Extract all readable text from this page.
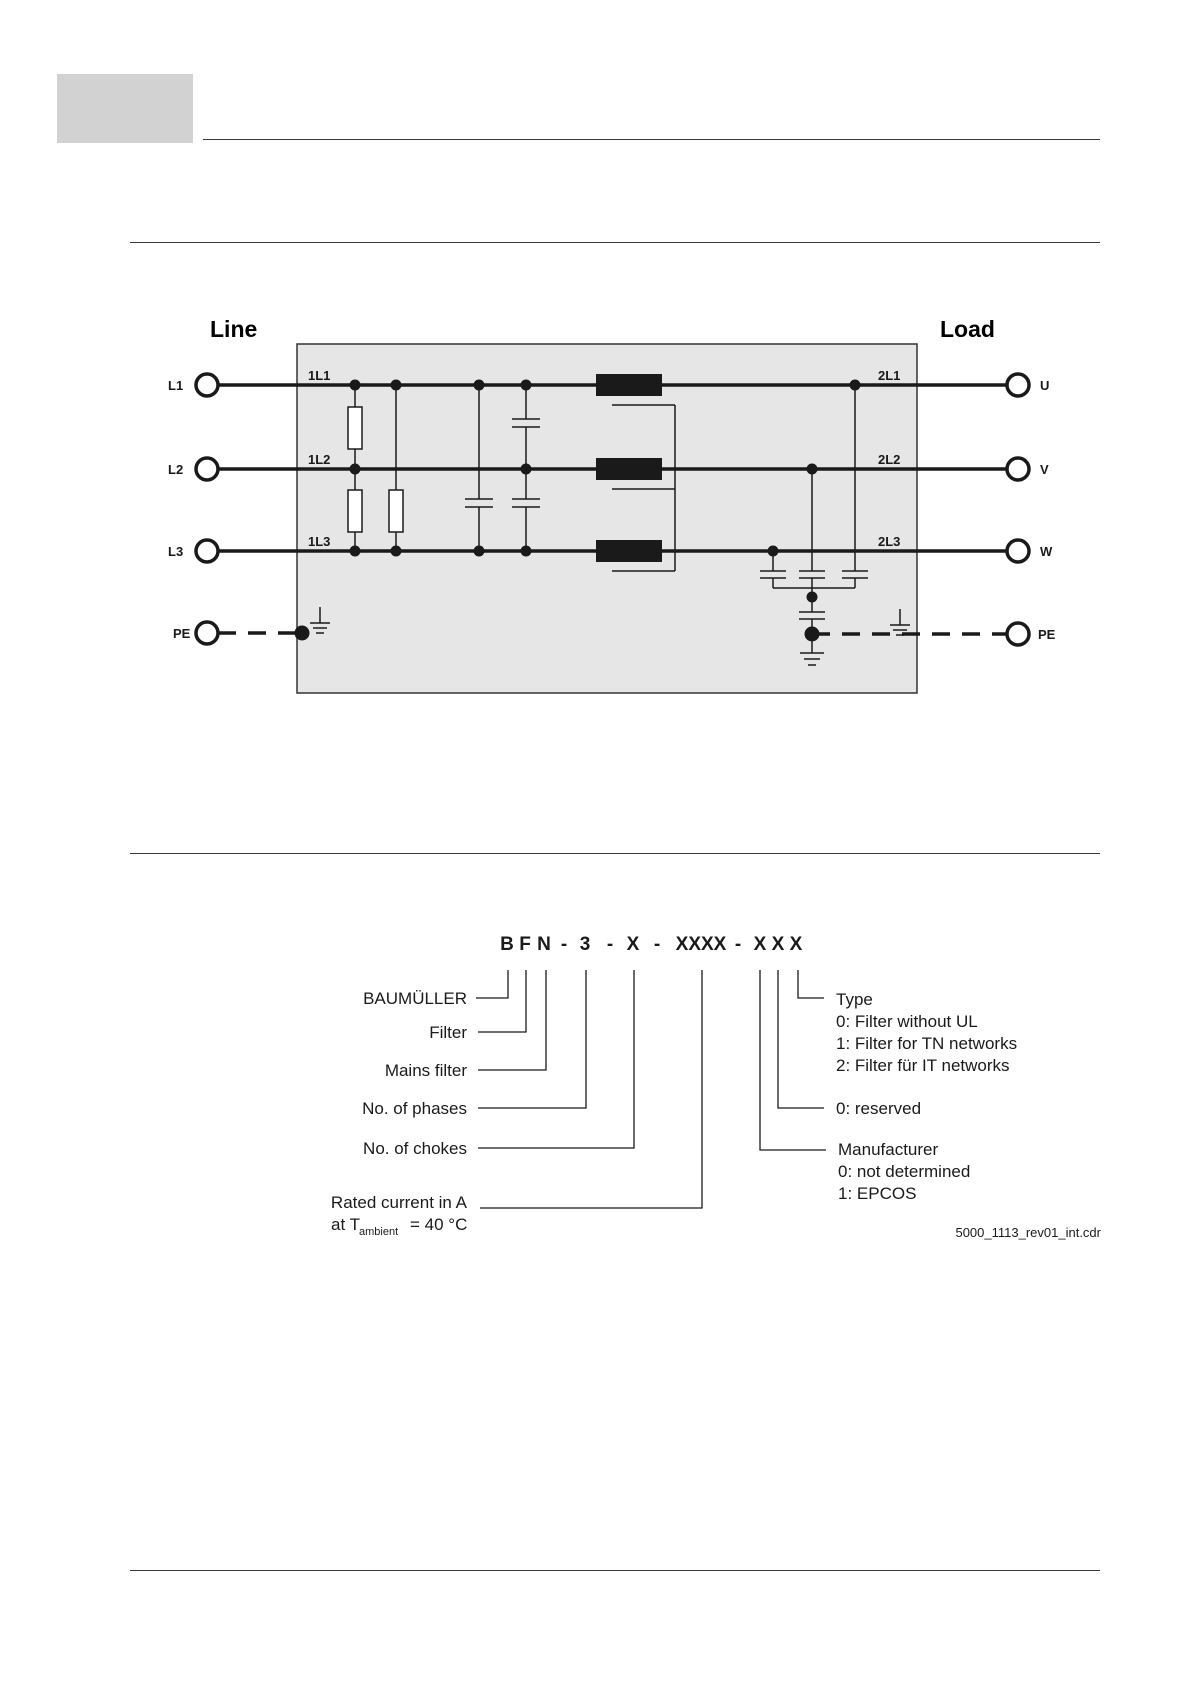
Line	Load
L1
L2
L3
PE
U
V
W
PE
1L1
1L2
1L3
2L1
2L2
2L3
B F N - 3 - X - XXXX - X X X
BAUMÜLLER
Filter
Mains filter
No. of phases
No. of chokes
Rated current in A
at T ambient = 40 °C
Type
0: Filter without UL
1: Filter for TN networks
2: Filter für IT networks
0: reserved
Manufacturer
0: not determined
1: EPCOS
5000_1113_rev01_int.cdr
